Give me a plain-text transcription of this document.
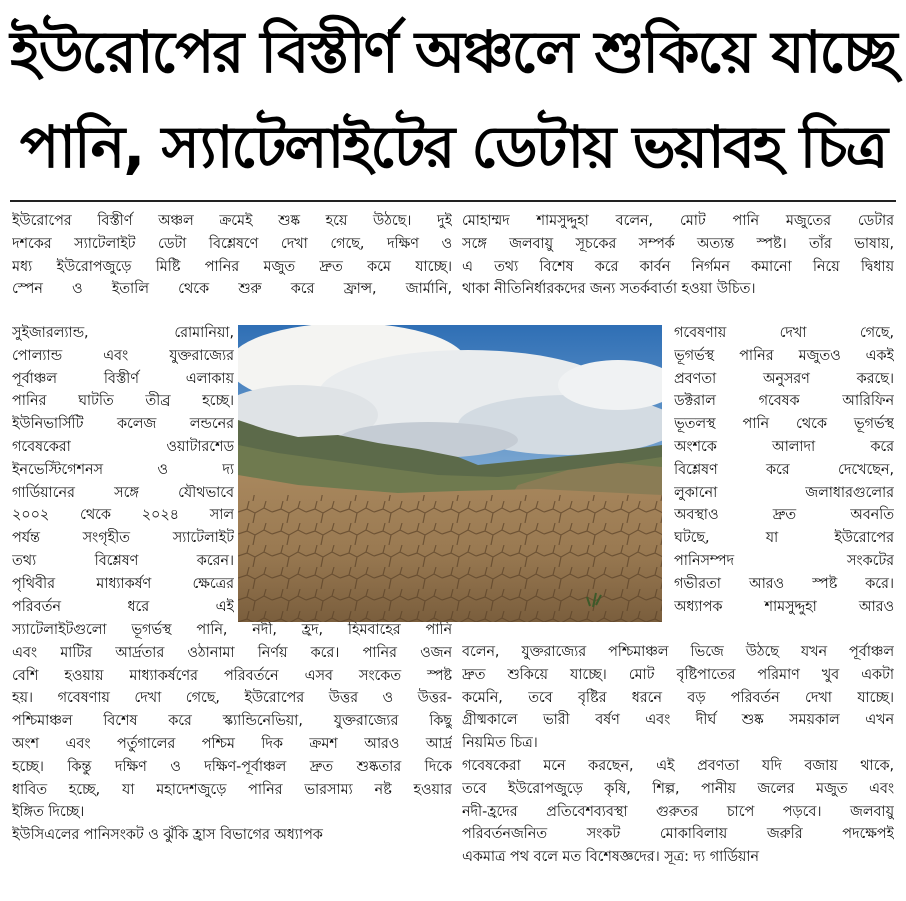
ইউরোপের বিস্তীর্ণ অঞ্চলে শুকিয়ে যাচ্ছে
পানি, স্যাটেলাইটের ডেটায় ভয়াবহ চিত্র
ইউরোপের বিস্তীর্ণ অঞ্চল ক্রমেই শুষ্ক হয়ে উঠছে। দুই
দশকের স্যাটেলাইট ডেটা বিশ্লেষণে দেখা গেছে, দক্ষিণ ও
মধ্য ইউরোপজুড়ে মিষ্টি পানির মজুত দ্রুত কমে যাচ্ছে।
স্পেন ও ইতালি থেকে শুরু করে ফ্রান্স, জার্মানি,
সুইজারল্যান্ড, রোমানিয়া,
পোল্যান্ড এবং যুক্তরাজ্যের
পূর্বাঞ্চল বিস্তীর্ণ এলাকায়
পানির ঘাটতি তীব্র হচ্ছে।
ইউনিভার্সিটি কলেজ লন্ডনের
গবেষকেরা ওয়াটারশেড
ইনভেস্টিগেশনস ও দ্য
গার্ডিয়ানের সঙ্গে যৌথভাবে
২০০২ থেকে ২০২৪ সাল
পর্যন্ত সংগৃহীত স্যাটেলাইট
তথ্য বিশ্লেষণ করেন।
পৃথিবীর মাধ্যাকর্ষণ ক্ষেত্রের
পরিবর্তন ধরে এই
স্যাটেলাইটগুলো ভূগর্ভস্থ পানি, নদী, হ্রদ, হিমবাহের পানি
এবং মাটির আর্দ্রতার ওঠানামা নির্ণয় করে। পানির ওজন
বেশি হওয়ায় মাধ্যাকর্ষণের পরিবর্তনে এসব সংকেত স্পষ্ট
হয়। গবেষণায় দেখা গেছে, ইউরোপের উত্তর ও উত্তর-
পশ্চিমাঞ্চল বিশেষ করে স্ক্যান্ডিনেভিয়া, যুক্তরাজ্যের কিছু
অংশ এবং পর্তুগালের পশ্চিম দিক ক্রমশ আরও আর্দ্র
হচ্ছে। কিন্তু দক্ষিণ ও দক্ষিণ-পূর্বাঞ্চল দ্রুত শুষ্কতার দিকে
ধাবিত হচ্ছে, যা মহাদেশজুড়ে পানির ভারসাম্য নষ্ট হওয়ার
ইঙ্গিত দিচ্ছে।
ইউসিএলের পানিসংকট ও ঝুঁকি হ্রাস বিভাগের অধ্যাপক
মোহাম্মদ শামসুদ্দুহা বলেন, মোট পানি মজুতের ডেটার
সঙ্গে জলবায়ু সূচকের সম্পর্ক অত্যন্ত স্পষ্ট। তাঁর ভাষায়,
এ তথ্য বিশেষ করে কার্বন নির্গমন কমানো নিয়ে দ্বিধায়
থাকা নীতিনির্ধারকদের জন্য সতর্কবার্তা হওয়া উচিত।
গবেষণায় দেখা গেছে,
ভূগর্ভস্থ পানির মজুতও একই
প্রবণতা অনুসরণ করছে।
ডক্টরাল গবেষক আরিফিন
ভূতলস্থ পানি থেকে ভূগর্ভস্থ
অংশকে আলাদা করে
বিশ্লেষণ করে দেখেছেন,
লুকানো জলাধারগুলোর
অবস্থাও দ্রুত অবনতি
ঘটছে, যা ইউরোপের
পানিসম্পদ সংকটের
গভীরতা আরও স্পষ্ট করে।
অধ্যাপক শামসুদ্দুহা আরও
বলেন, যুক্তরাজ্যের পশ্চিমাঞ্চল ভিজে উঠছে যখন পূর্বাঞ্চল
দ্রুত শুকিয়ে যাচ্ছে। মোট বৃষ্টিপাতের পরিমাণ খুব একটা
কমেনি, তবে বৃষ্টির ধরনে বড় পরিবর্তন দেখা যাচ্ছে।
গ্রীষ্মকালে ভারী বর্ষণ এবং দীর্ঘ শুষ্ক সময়কাল এখন
নিয়মিত চিত্র।
গবেষকেরা মনে করছেন, এই প্রবণতা যদি বজায় থাকে,
তবে ইউরোপজুড়ে কৃষি, শিল্প, পানীয় জলের মজুত এবং
নদী-হ্রদের প্রতিবেশব্যবস্থা গুরুতর চাপে পড়বে। জলবায়ু
পরিবর্তনজনিত সংকট মোকাবিলায় জরুরি পদক্ষেপই
একমাত্র পথ বলে মত বিশেষজ্ঞদের। সূত্র: দ্য গার্ডিয়ান
